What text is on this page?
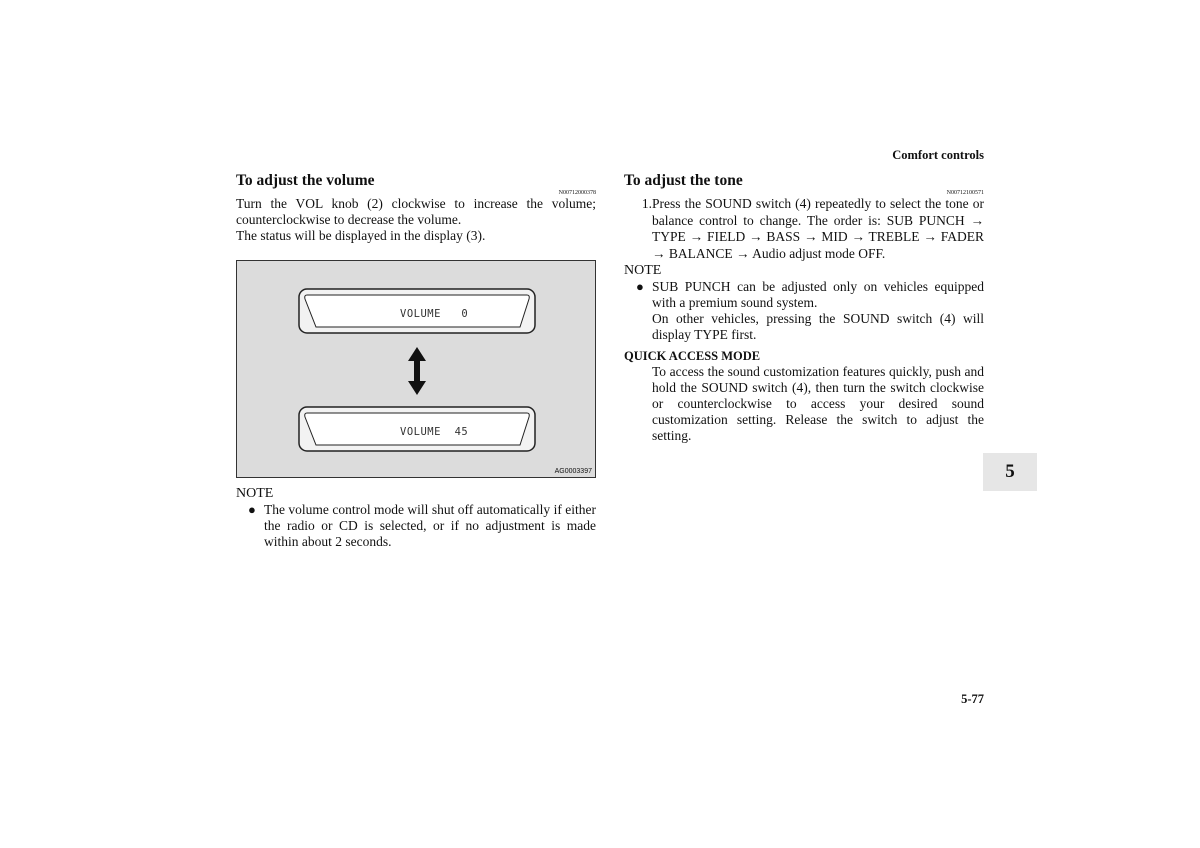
Comfort controls
5
To adjust the volume
N00712000378
Turn the VOL knob (2) clockwise to increase the volume; counterclockwise to decrease the volume.
The status will be displayed in the display (3).
VOLUME   0
VOLUME  45
AG0003397
NOTE
● The volume control mode will shut off automatically if either the radio or CD is selected, or if no adjustment is made within about 2 seconds.
To adjust the tone
N00712100571
1. Press the SOUND switch (4) repeatedly to select the tone or balance control to change. The order is: SUB PUNCH → TYPE → FIELD → BASS → MID → TREBLE → FADER → BALANCE → Audio adjust mode OFF.
NOTE
● SUB PUNCH can be adjusted only on vehicles equipped with a premium sound system.
On other vehicles, pressing the SOUND switch (4) will display TYPE first.
QUICK ACCESS MODE
To access the sound customization features quickly, push and hold the SOUND switch (4), then turn the switch clockwise or counterclockwise to access your desired sound customization setting. Release the switch to adjust the setting.
5-77
